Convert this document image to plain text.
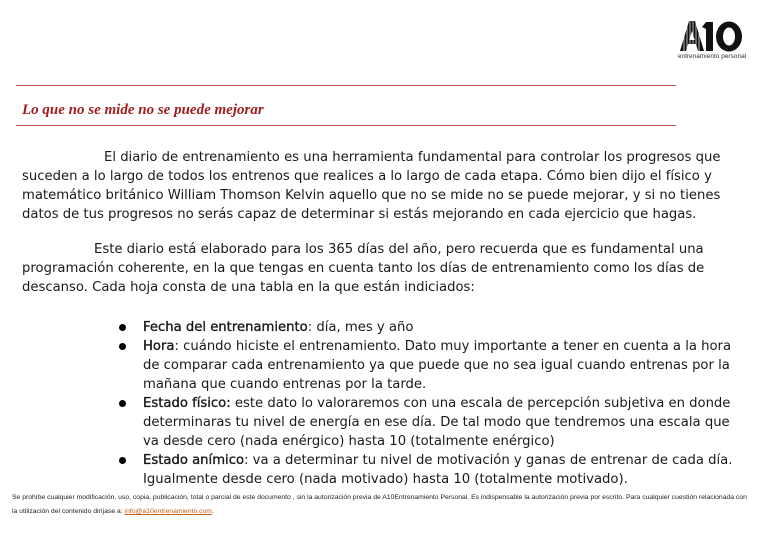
entrenamiento personal
Lo que no se mide no se puede mejorar

El diario de entrenamiento es una herramienta fundamental para controlar los progresos que suceden a lo largo de todos los entrenos que realices a lo largo de cada etapa. Cómo bien dijo el físico y matemático británico William Thomson Kelvin aquello que no se mide no se puede mejorar, y si no tienes datos de tus progresos no serás capaz de determinar si estás mejorando en cada ejercicio que hagas.

Este diario está elaborado para los 365 días del año, pero recuerda que es fundamental una programación coherente, en la que tengas en cuenta tanto los días de entrenamiento como los días de descanso. Cada hoja consta de una tabla en la que están indiciados:

Fecha del entrenamiento: día, mes y año
Hora: cuándo hiciste el entrenamiento. Dato muy importante a tener en cuenta a la hora de comparar cada entrenamiento ya que puede que no sea igual cuando entrenas por la mañana que cuando entrenas por la tarde.
Estado físico: este dato lo valoraremos con una escala de percepción subjetiva en donde determinaras tu nivel de energía en ese día. De tal modo que tendremos una escala que va desde cero (nada enérgico) hasta 10 (totalmente enérgico)
Estado anímico: va a determinar tu nivel de motivación y ganas de entrenar de cada día. Igualmente desde cero (nada motivado) hasta 10 (totalmente motivado).

Se prohíbe cualquier modificación, uso, copia, publicación, total o parcial de este documento , sin la autorización previa de A10Entrenamiento Personal. Es indispensable la autorización previa por escrito. Para cualquier cuestión relacionada con la utilización del contenido diríjase a: info@a10entrenamiento.com.
